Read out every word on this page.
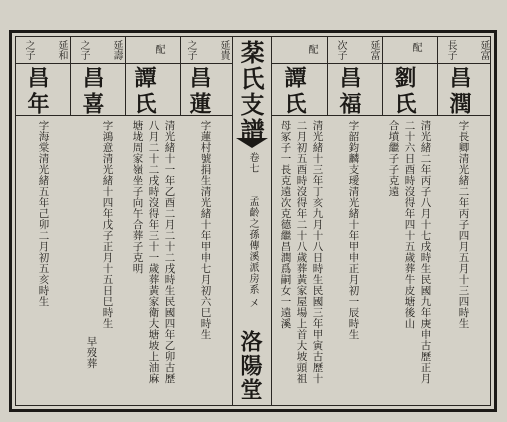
棻氏支譜
卷七
孟齡之孫傳溪派房系
㐅
洛陽堂
延富
長子
昌潤
字長卿清光緒二年丙子四月五月十三四時生
配
劉氏
清光緒二年丙子八月十七戌時生民國九年庚申古歷正月
二十六日酉時沒得年四十五歲葬牛皮塘後山
合墳繼子子克遠
延富
次子
昌福
字韶鈞麟支璦清光緒十年甲申正月初一辰時生
配
譚氏
清光緒十三年丁亥九月十八日時生民國三年甲寅古歷十
二月初五酉時沒得年二十八歲葬黃家屋場上首大坡頭祖
母冢子一長克遠次克德繼昌潤爲嗣女一遠溪
延貴
之子
昌蓮
字蓮村號捐生清光緒十年甲申七月初六巳時生
配
譚氏
清光緒十一年乙酉二月二十二戌時生民國四年乙卯古歷
八月二十二戌時沒得年三十一歲葬黃家衛大塘坡上油麻
塘垅周家嶺坐子向午合葬子克明
延壽
之子
昌喜
字鴻意清光緒十四年戊子正月十五日巳時生
早歿葬
延和
之子
昌年
字海棠清光緒五年己卯二月初五亥時生
